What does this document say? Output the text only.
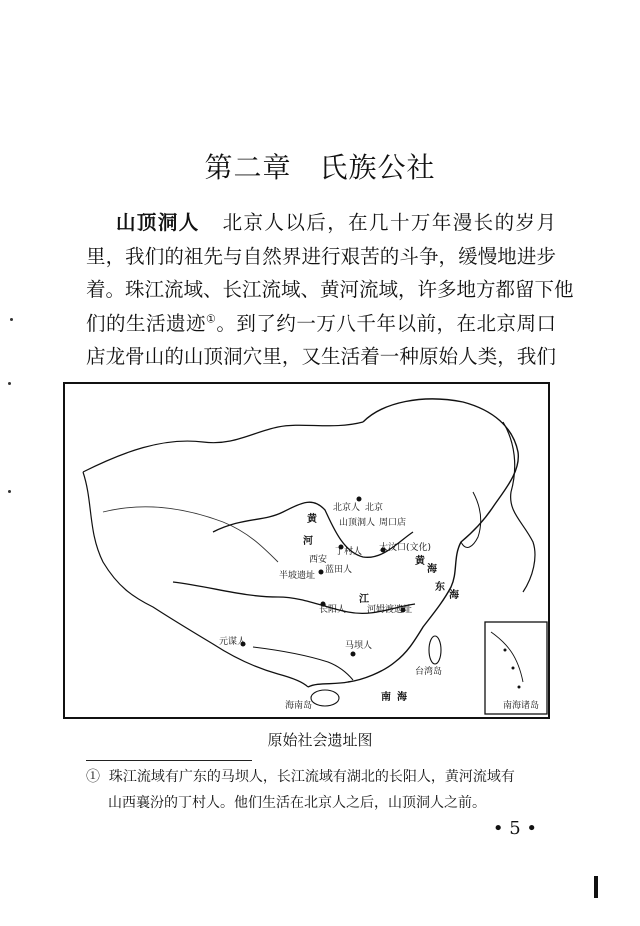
第二章 氏族公社
山顶洞人 北京人以后，在几十万年漫长的岁月
里，我们的祖先与自然界进行艰苦的斗争，缓慢地进步
着。珠江流域、长江流域、黄河流域，许多地方都留下他
们的生活遗迹①。到了约一万八千年以前，在北京周口
店龙骨山的山顶洞穴里，又生活着一种原始人类，我们
北京人 北京
山顶洞人 周口店
黄
河
丁村人 大汶口(文化)
西安
蓝田人
半坡遗址
黄
海
长阳人
江
河姆渡遗址
东
海
元谋人	马坝人
台湾岛
南 海
海南岛	南海诸岛
原始社会遗址图
① 珠江流域有广东的马坝人，长江流域有湖北的长阳人，黄河流域有
山西襄汾的丁村人。他们生活在北京人之后，山顶洞人之前。
• 5 •
